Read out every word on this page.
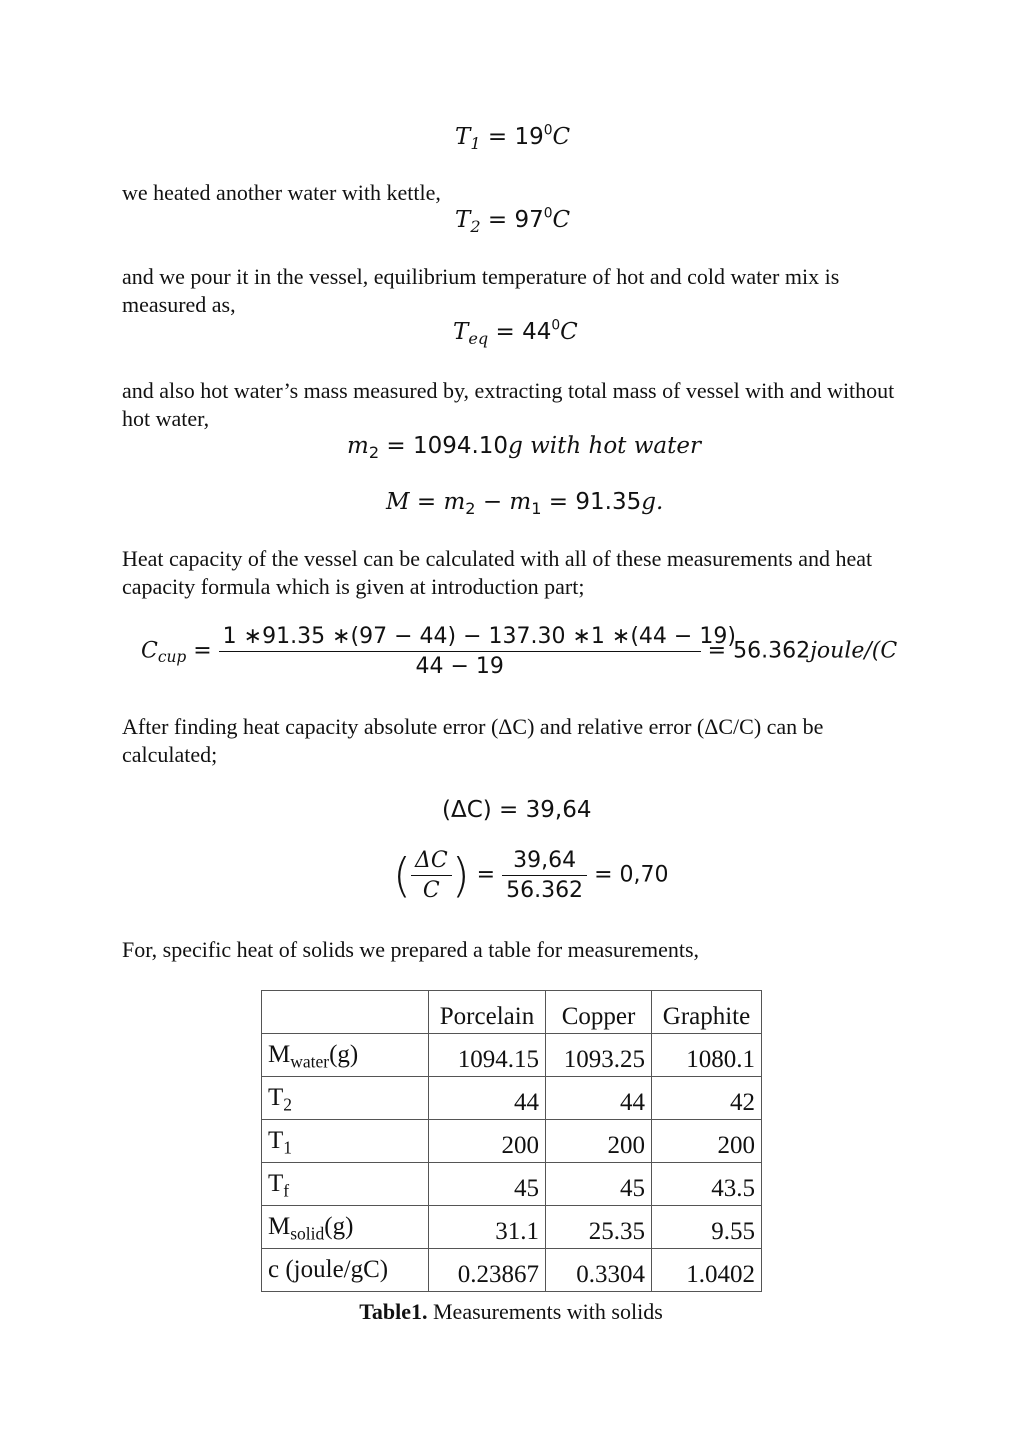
$T_1 = 19^0C$
we heated another water with kettle,
$T_2 = 97^0C$
and we pour it in the vessel, equilibrium temperature of hot and cold water mix is measured as,
$T_{eq} = 44^0C$
and also hot water’s mass measured by, extracting total mass of vessel with and without hot water,
$m_2 = 1094.10g$ with hot water
$M = m_2 - m_1 = 91.35g$.
Heat capacity of the vessel can be calculated with all of these measurements and heat capacity formula which is given at introduction part;
$C_{cup} = \frac{1 ∗91.35 ∗(97 - 44) - 137.30 ∗1 ∗(44 - 19)}{44 - 19}$ = 56.362joule/(C
After finding heat capacity absolute error (ΔC) and relative error (ΔC/C) can be calculated;
(ΔC) = 39,64
( $\frac{\Delta C}{C}$ ) = $\frac{39,64}{56.362} = 0,70$
For, specific heat of solids we prepared a table for measurements,
	Porcelain	Copper	Graphite
$M_{water}(g)$	1094.15	1093.25	1080.1
$T_2$	44	44	42
$T_1$	200	200	200
$T_f$	45	45	43.5
$M_{solid}(g)$	31.1	25.35	9.55
c (joule/gC)	0.23867	0.3304	1.0402
Table1. Measurements with solids
